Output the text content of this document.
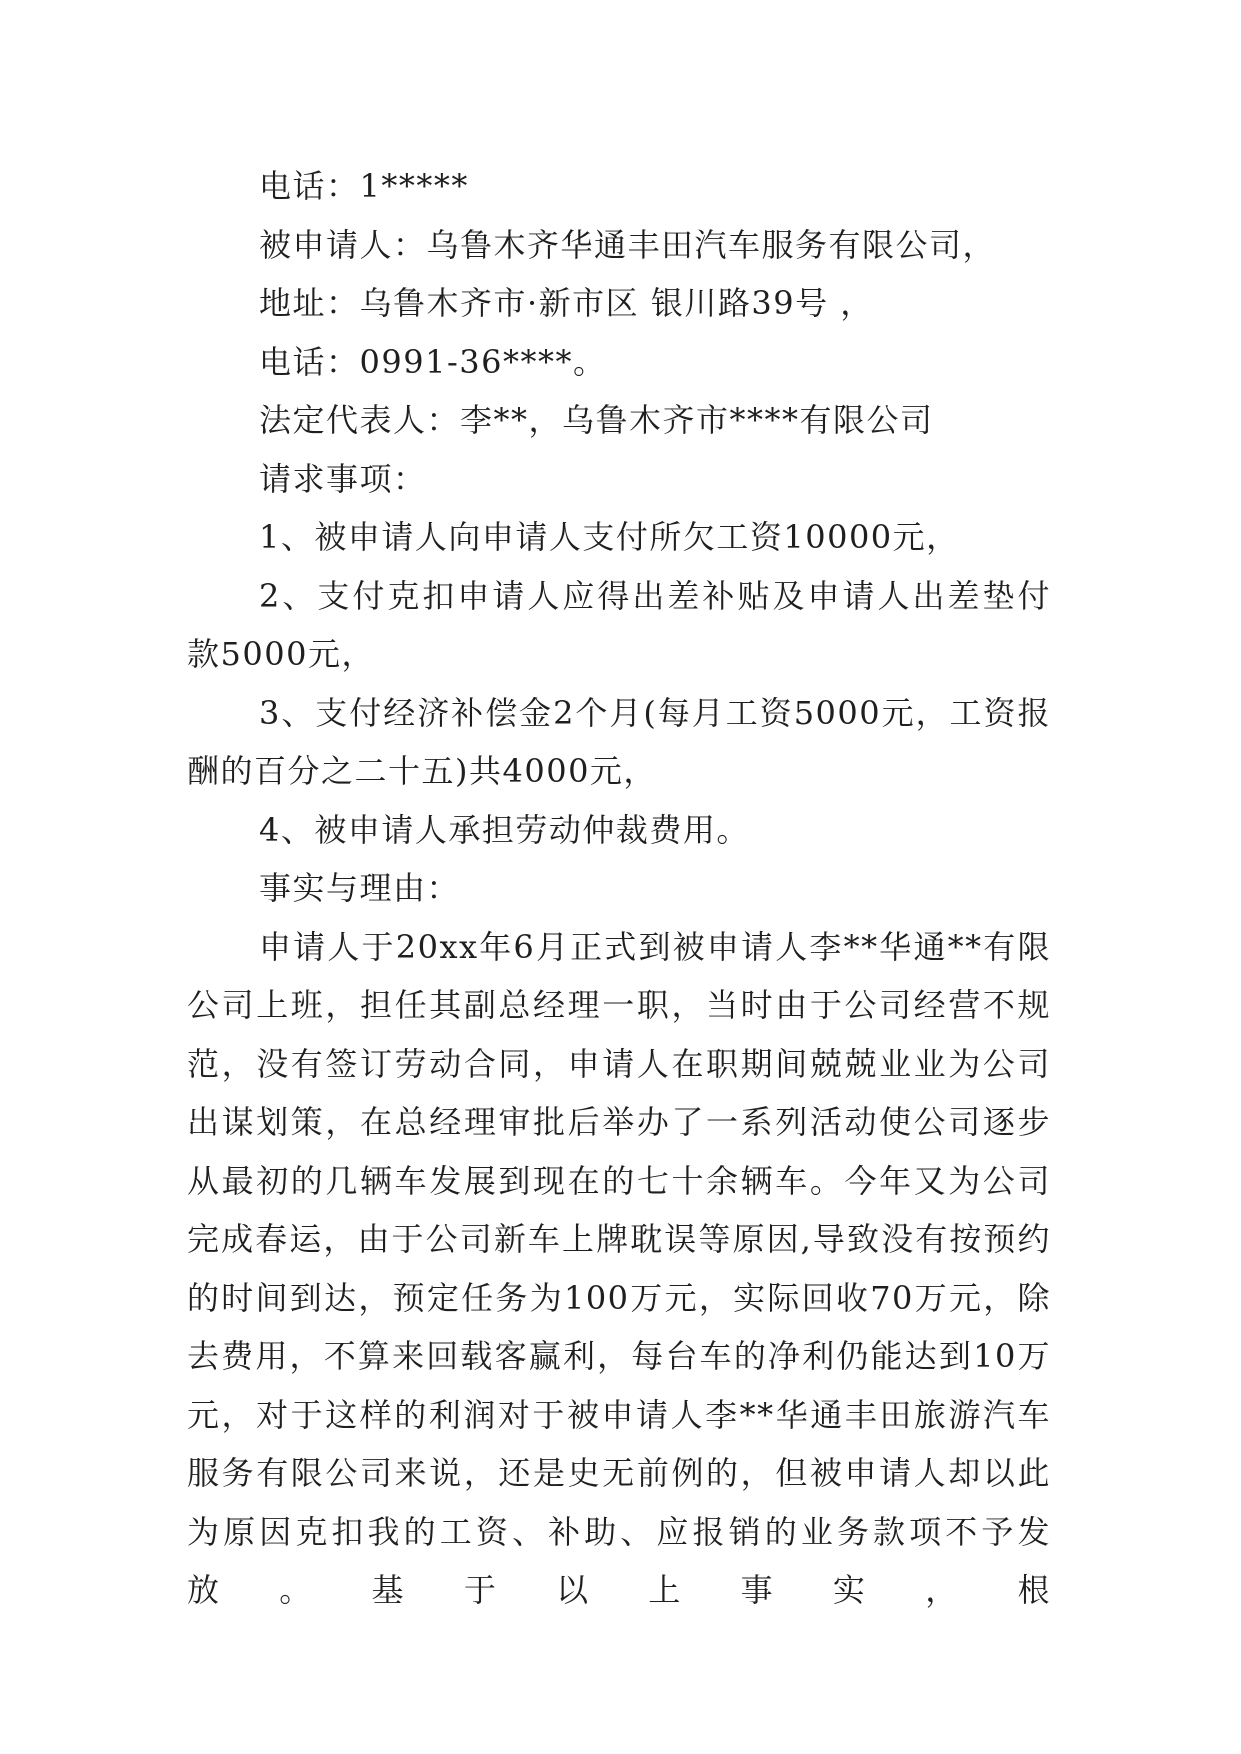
电话：1*****

被申请人：乌鲁木齐华通丰田汽车服务有限公司，

地址：乌鲁木齐市·新市区 银川路39号 ，

电话：0991-36****。

法定代表人：李**，乌鲁木齐市****有限公司

请求事项：

1、被申请人向申请人支付所欠工资10000元，

2、支付克扣申请人应得出差补贴及申请人出差垫付款5000元，

3、支付经济补偿金2个月(每月工资5000元，工资报酬的百分之二十五)共4000元，

4、被申请人承担劳动仲裁费用。

事实与理由：

申请人于20xx年6月正式到被申请人李**华通**有限公司上班，担任其副总经理一职，当时由于公司经营不规范，没有签订劳动合同，申请人在职期间兢兢业业为公司出谋划策，在总经理审批后举办了一系列活动使公司逐步从最初的几辆车发展到现在的七十余辆车。今年又为公司完成春运，由于公司新车上牌耽误等原因,导致没有按预约的时间到达，预定任务为100万元，实际回收70万元，除去费用，不算来回载客赢利，每台车的净利仍能达到10万元，对于这样的利润对于被申请人李**华通丰田旅游汽车服务有限公司来说，还是史无前例的，但被申请人却以此为原因克扣我的工资、补助、应报销的业务款项不予发放。基于以上事实，根
